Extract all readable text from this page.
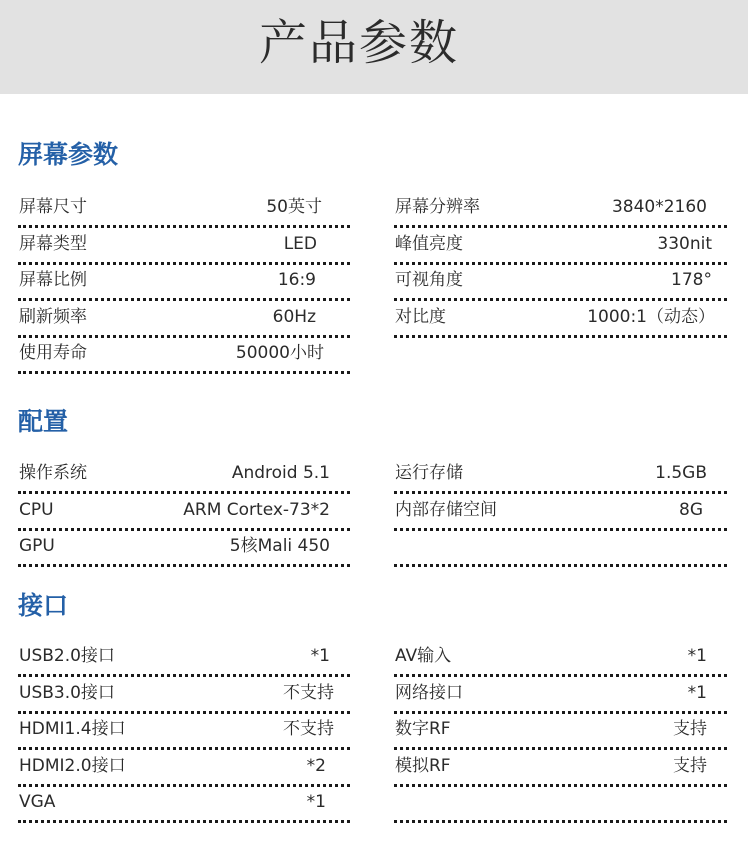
产品参数
屏幕参数
屏幕尺寸	50英寸
屏幕类型	LED
屏幕比例	16:9
刷新频率	60Hz
使用寿命	50000小时
屏幕分辨率	3840*2160
峰值亮度	330nit
可视角度	178°
对比度	1000:1（动态）
配置
操作系统	Android 5.1
CPU	ARM Cortex-73*2
GPU	5核Mali 450
运行存储	1.5GB
内部存储空间	8G
接口
USB2.0接口	*1
USB3.0接口	不支持
HDMI1.4接口	不支持
HDMI2.0接口	*2
VGA	*1
AV输入	*1
网络接口	*1
数字RF	支持
模拟RF	支持
